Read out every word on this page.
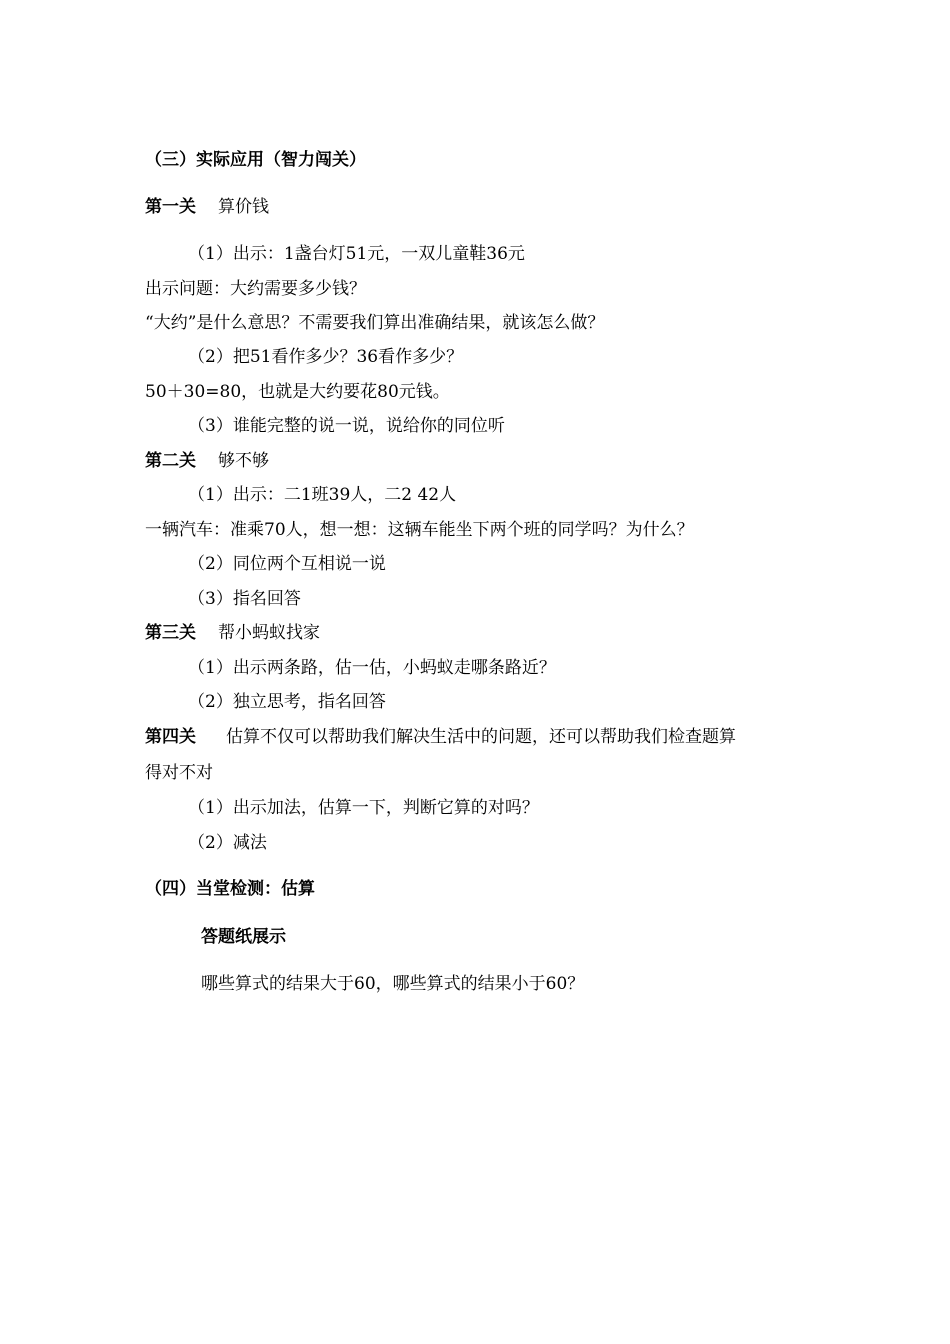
（三）实际应用（智力闯关）
第一关 算价钱
（1）出示：1盏台灯51元，一双儿童鞋36元
出示问题：大约需要多少钱？
“大约”是什么意思？不需要我们算出准确结果，就该怎么做？
（2）把51看作多少？36看作多少？
50＋30=80，也就是大约要花80元钱。
（3）谁能完整的说一说，说给你的同位听
第二关 够不够
（1）出示：二1班39人，二2 42人
一辆汽车：准乘70人，想一想：这辆车能坐下两个班的同学吗？为什么？
（2）同位两个互相说一说
（3）指名回答
第三关 帮小蚂蚁找家
（1）出示两条路，估一估，小蚂蚁走哪条路近？
（2）独立思考，指名回答
第四关 估算不仅可以帮助我们解决生活中的问题，还可以帮助我们检查题算
得对不对
（1）出示加法，估算一下，判断它算的对吗？
（2）减法
（四）当堂检测：估算
答题纸展示
哪些算式的结果大于60，哪些算式的结果小于60？
